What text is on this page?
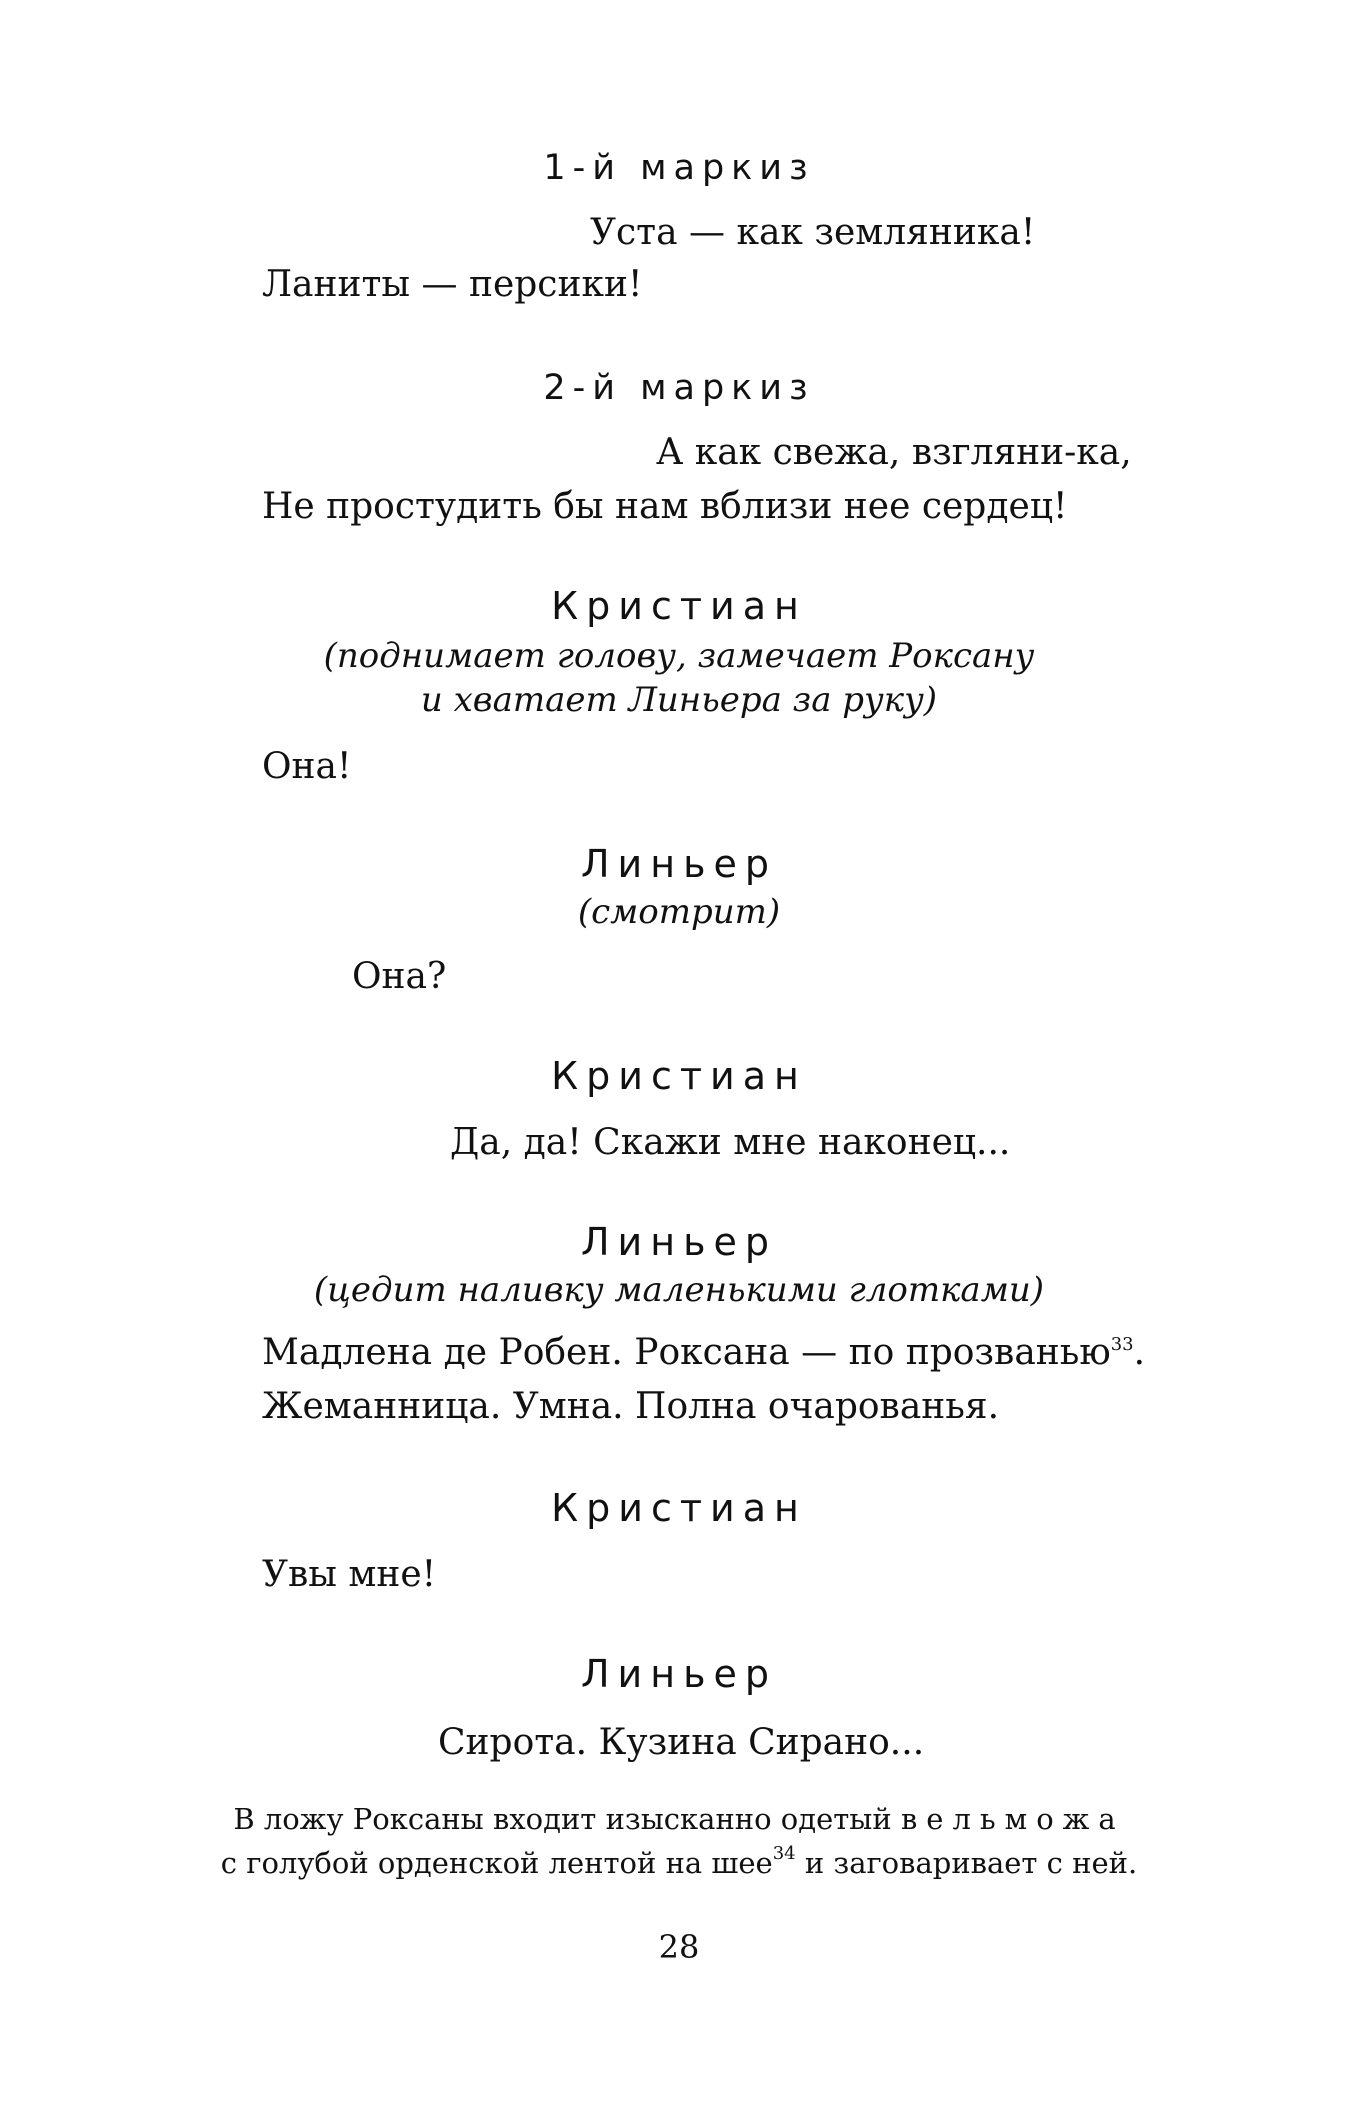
1-й маркиз
Уста — как земляника!
Ланиты — персики!
2-й маркиз
А как свежа, взгляни-ка,
Не простудить бы нам вблизи нее сердец!
Кристиан
(поднимает голову, замечает Роксану
и хватает Линьера за руку)
Она!
Линьер
(смотрит)
Она?
Кристиан
Да, да! Скажи мне наконец...
Линьер
(цедит наливку маленькими глотками)
Мадлена де Робен. Роксана — по прозванью$^{33}$.
Жеманница. Умна. Полна очарованья.
Кристиан
Увы мне!
Линьер
Сирота. Кузина Сирано...
В ложу Роксаны входит изысканно одетый вельможа
с голубой орденской лентой на шее$^{34}$ и заговаривает с ней.
28
